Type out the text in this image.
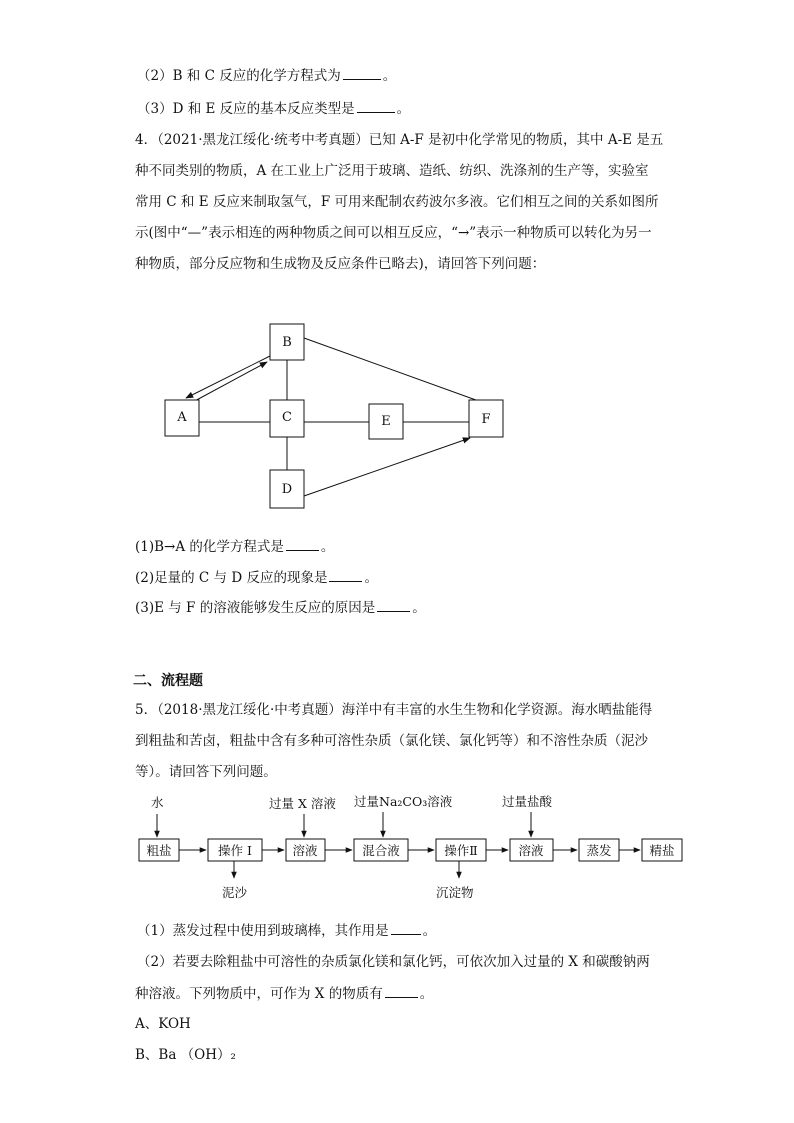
（2）B 和 C 反应的化学方程式为	。
（3）D 和 E 反应的基本反应类型是	。
4．（2021·黑龙江绥化·统考中考真题）已知 A-F 是初中化学常见的物质，其中 A-E 是五
种不同类别的物质，A 在工业上广泛用于玻璃、造纸、纺织、洗涤剂的生产等，实验室
常用 C 和 E 反应来制取氢气，F 可用来配制农药波尔多液。它们相互之间的关系如图所
示(图中“—”表示相连的两种物质之间可以相互反应，“→”表示一种物质可以转化为另一
种物质，部分反应物和生成物及反应条件已略去)，请回答下列问题：
B
A	C	E	F
D
(1)B→A 的化学方程式是	。
(2)足量的 C 与 D 反应的现象是	。
(3)E 与 F 的溶液能够发生反应的原因是	。
二、流程题
5．（2018·黑龙江绥化·中考真题）海洋中有丰富的水生生物和化学资源。海水晒盐能得
到粗盐和苦卤，粗盐中含有多种可溶性杂质（氯化镁、氯化钙等）和不溶性杂质（泥沙
等）。请回答下列问题。
水
粗盐	操作 I
泥沙
过量 X 溶液
溶液
过量Na₂CO₃溶液
混合液	操作Ⅱ
沉淀物
过量盐酸
溶液	蒸发	精盐
（1）蒸发过程中使用到玻璃棒，其作用是	。
（2）若要去除粗盐中可溶性的杂质氯化镁和氯化钙，可依次加入过量的 X 和碳酸钠两
种溶液。下列物质中，可作为 X 的物质有	。
A、KOH
B、Ba （OH）₂
